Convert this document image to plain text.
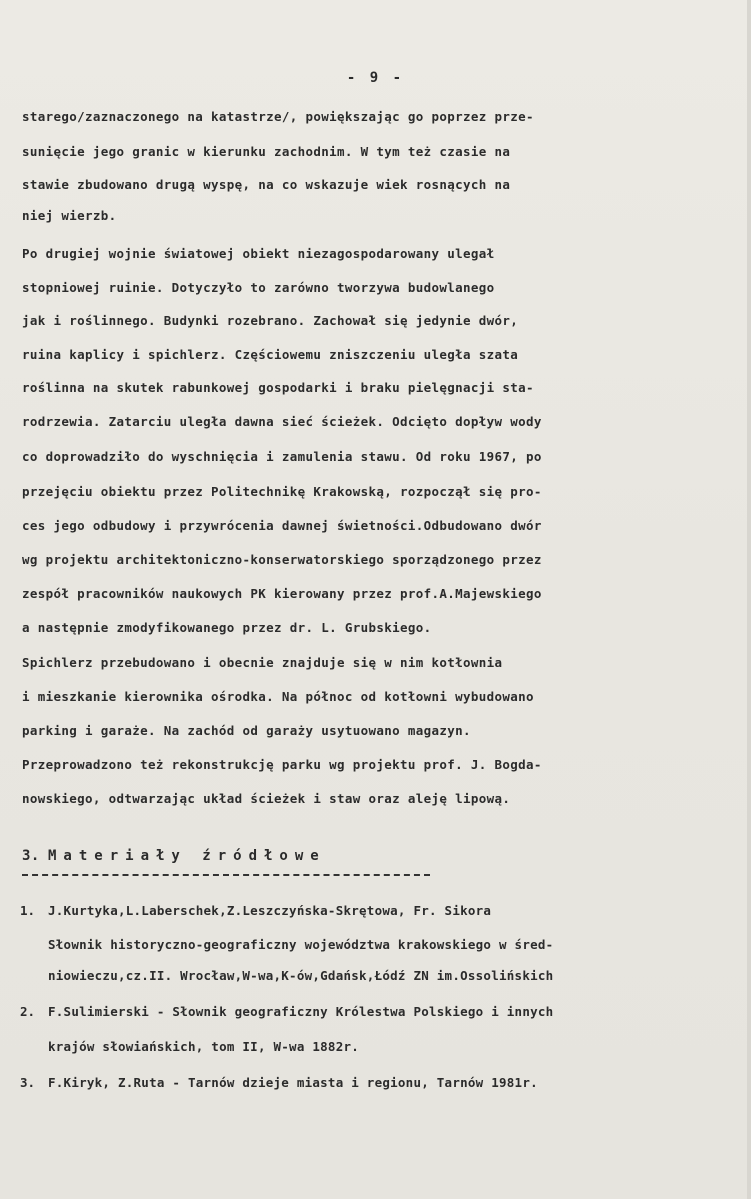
- 9 -
starego/zaznaczonego na katastrze/, powiększając go poprzez prze-
sunięcie jego granic w kierunku zachodnim. W tym też czasie na
stawie zbudowano drugą wyspę, na co wskazuje wiek rosnących na
niej wierzb.
Po drugiej wojnie światowej obiekt niezagospodarowany ulegał
stopniowej ruinie. Dotyczyło to zarówno tworzywa budowlanego
jak i roślinnego. Budynki rozebrano. Zachował się jedynie dwór,
ruina kaplicy i spichlerz. Częściowemu zniszczeniu uległa szata
roślinna na skutek rabunkowej gospodarki i braku pielęgnacji sta-
rodrzewia. Zatarciu uległa dawna sieć ścieżek. Odcięto dopływ wody
co doprowadziło do wyschnięcia i zamulenia stawu. Od roku 1967, po
przejęciu obiektu przez Politechnikę Krakowską, rozpoczął się pro-
ces jego odbudowy i przywrócenia dawnej świetności.Odbudowano dwór
wg projektu architektoniczno-konserwatorskiego sporządzonego przez
zespół pracowników naukowych PK kierowany przez prof.A.Majewskiego
a następnie zmodyfikowanego przez dr. L. Grubskiego.
Spichlerz przebudowano i obecnie znajduje się w nim kotłownia
i mieszkanie kierownika ośrodka. Na północ od kotłowni wybudowano
parking i garaże. Na zachód od garaży usytuowano magazyn.
Przeprowadzono też rekonstrukcję parku wg projektu prof. J. Bogda-
nowskiego, odtwarzając układ ścieżek i staw oraz aleję lipową.
3. Materiały źródłowe
1. J.Kurtyka,L.Laberschek,Z.Leszczyńska-Skrętowa, Fr. Sikora
Słownik historyczno-geograficzny województwa krakowskiego w śred-
niowieczu,cz.II. Wrocław,W-wa,K-ów,Gdańsk,Łódź ZN im.Ossolińskich
2. F.Sulimierski - Słownik geograficzny Królestwa Polskiego i innych
krajów słowiańskich, tom II, W-wa 1882r.
3. F.Kiryk, Z.Ruta - Tarnów dzieje miasta i regionu, Tarnów 1981r.
